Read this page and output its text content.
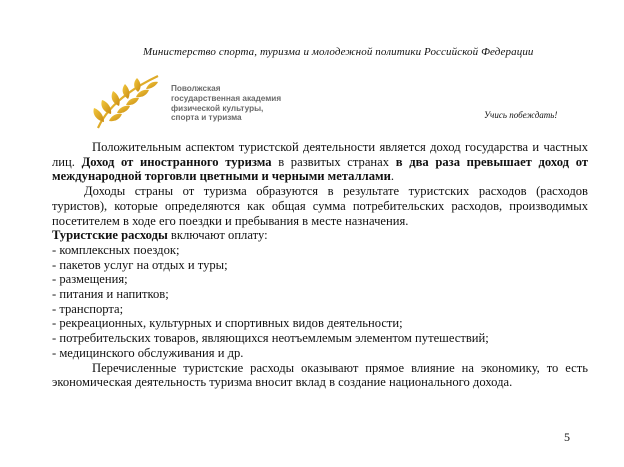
Министерство спорта, туризма и молодежной политики Российской Федерации
Поволжская
государственная академия
физической культуры,
спорта и туризма	Учись побеждать!

Положительным аспектом туристской деятельности является доход государства и частных лиц. Доход от иностранного туризма в развитых странах в два раза превышает доход от международной торговли цветными и черными металлами.

Доходы страны от туризма образуются в результате туристских расходов (расходов туристов), которые определяются как общая сумма потребительских расходов, производимых посетителем в ходе его поездки и пребывания в месте назначения.

Туристские расходы включают оплату:

- комплексных поездок;

- пакетов услуг на отдых и туры;

- размещения;

- питания и напитков;

- транспорта;

- рекреационных, культурных и спортивных видов деятельности;

- потребительских товаров, являющихся неотъемлемым элементом путешествий;

- медицинского обслуживания и др.

Перечисленные туристские расходы оказывают прямое влияние на экономику, то есть экономическая деятельность туризма вносит вклад в создание национального дохода.

5
